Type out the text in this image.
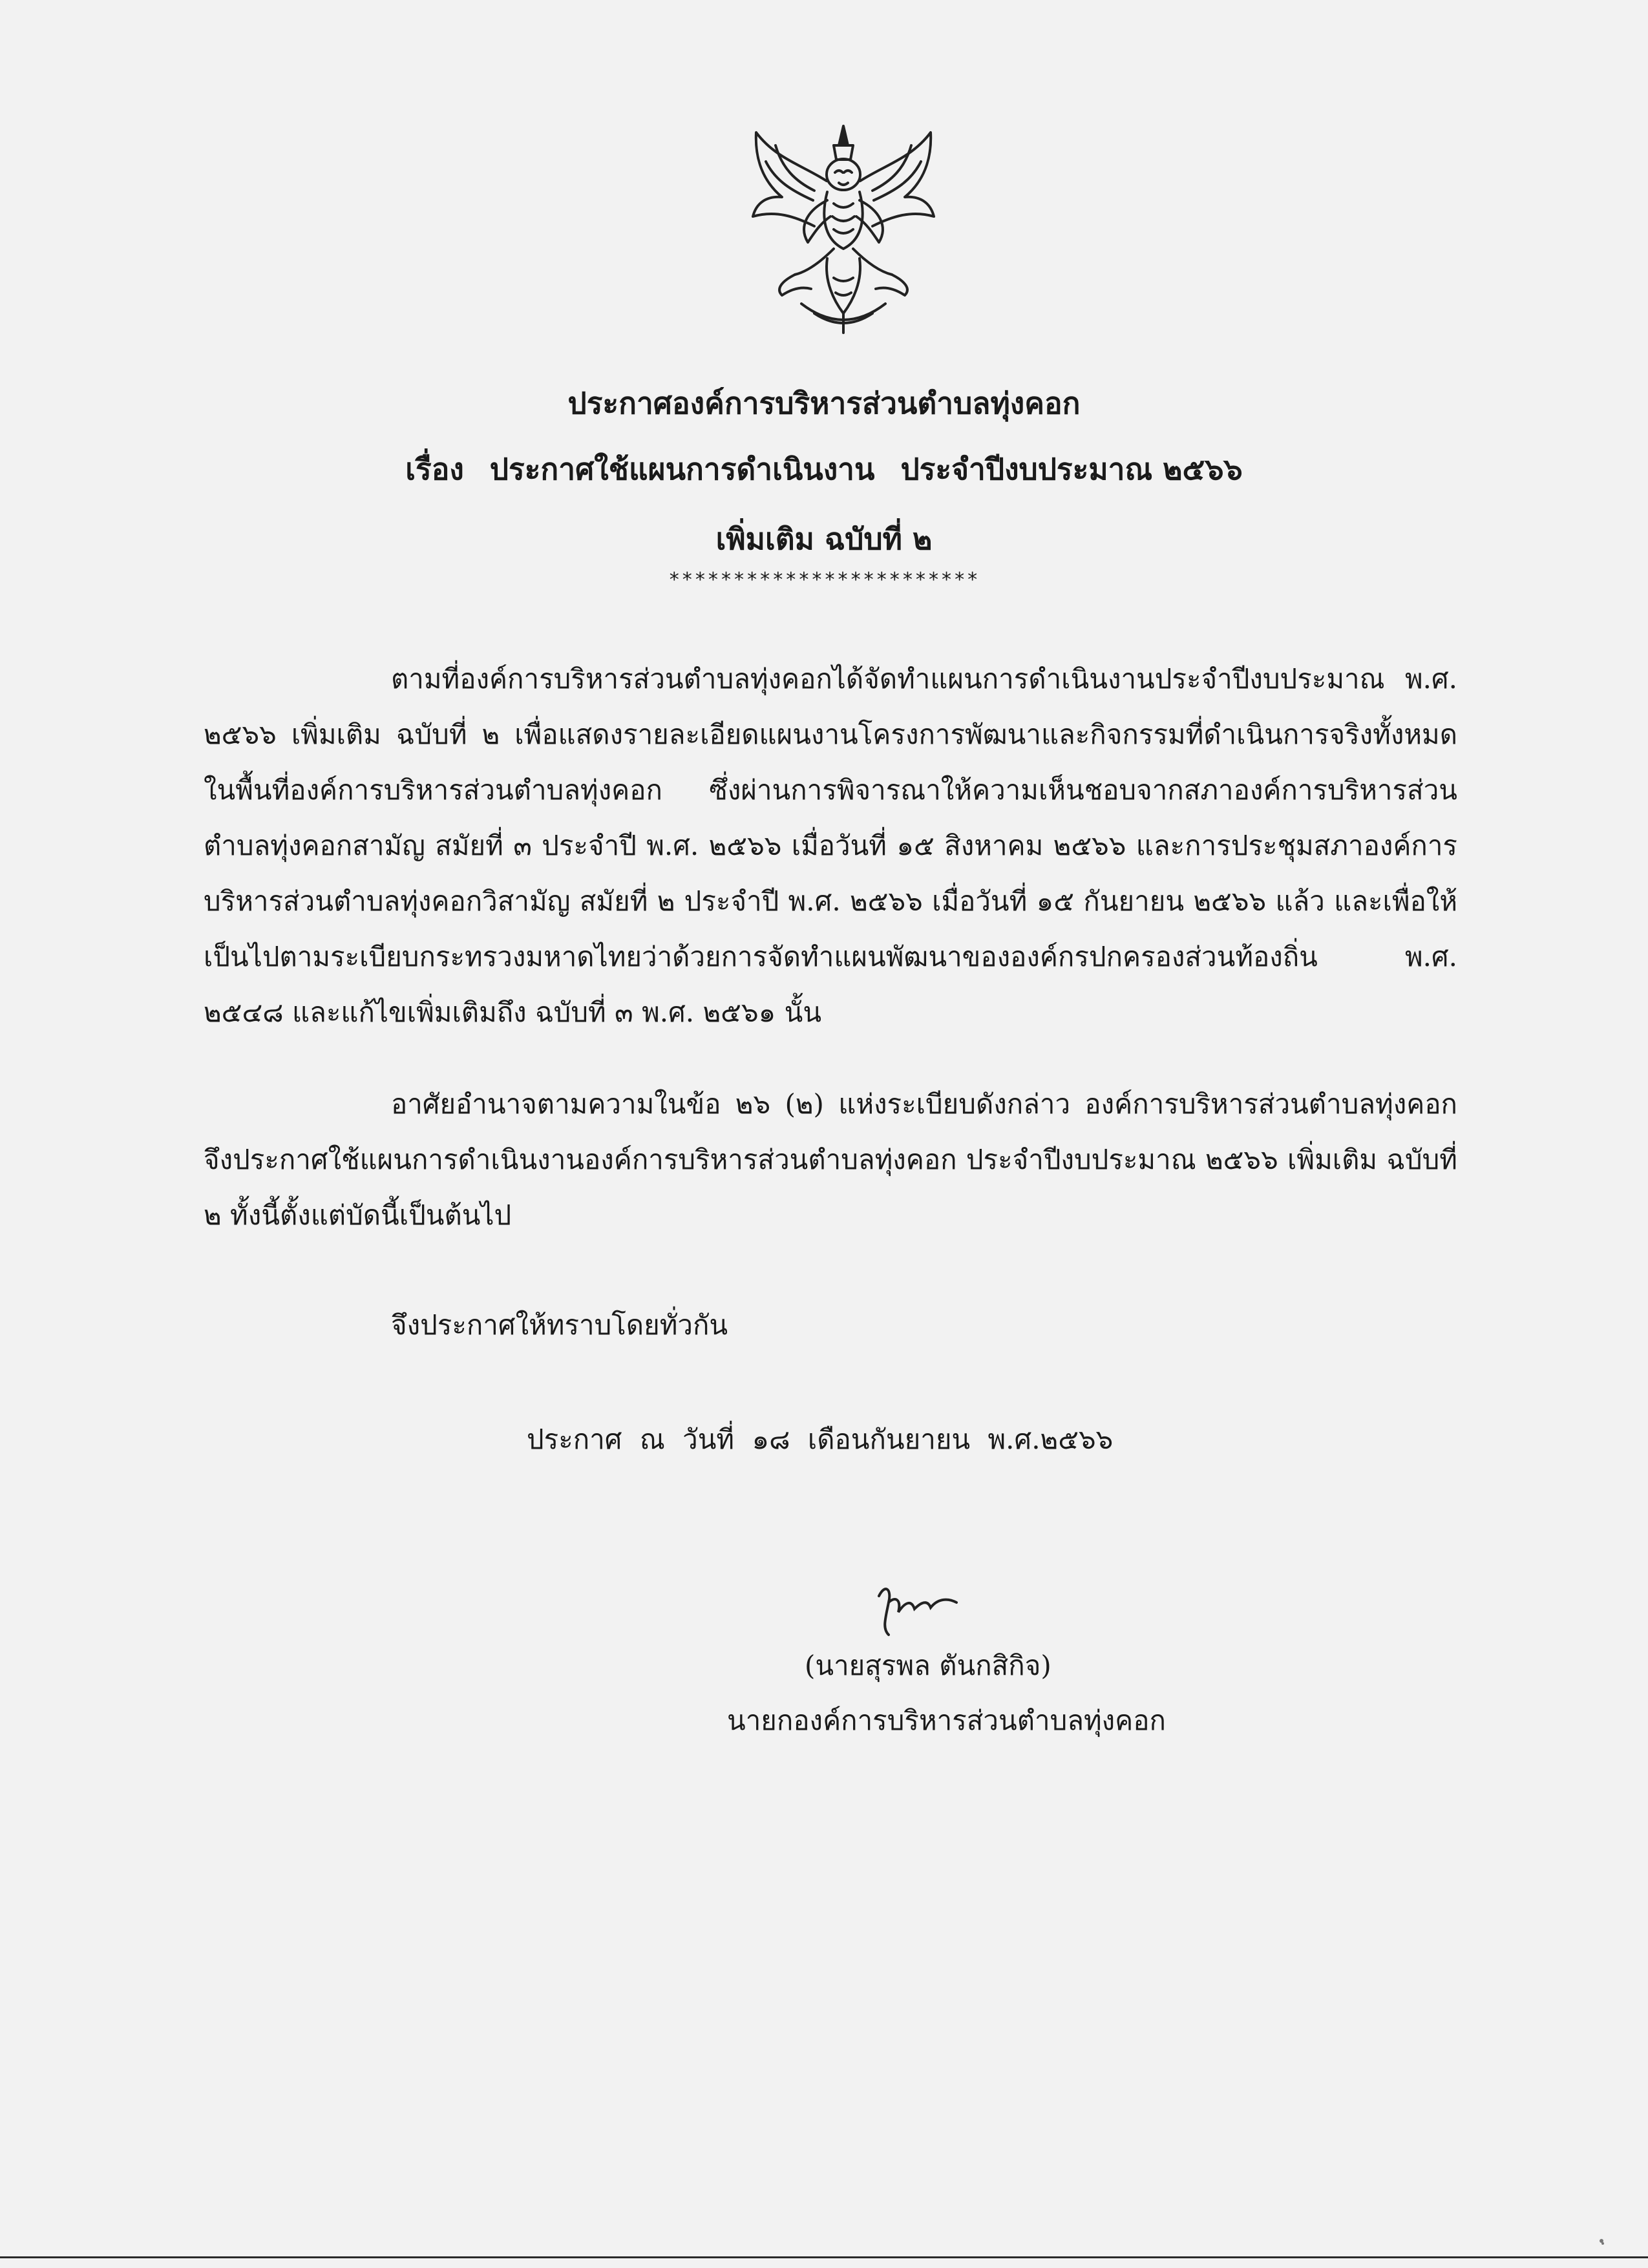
ประกาศองค์การบริหารส่วนตำบลทุ่งคอก
เรื่อง ประกาศใช้แผนการดำเนินงาน ประจำปีงบประมาณ ๒๕๖๖
เพิ่มเติม ฉบับที่ ๒
************************
ตามที่องค์การบริหารส่วนตำบลทุ่งคอกได้จัดทำแผนการดำเนินงานประจำปีงบประมาณ พ.ศ. ๒๕๖๖ เพิ่มเติม ฉบับที่ ๒ เพื่อแสดงรายละเอียดแผนงานโครงการพัฒนาและกิจกรรมที่ดำเนินการจริงทั้งหมดในพื้นที่องค์การบริหารส่วนตำบลทุ่งคอก ซึ่งผ่านการพิจารณาให้ความเห็นชอบจากสภาองค์การบริหารส่วนตำบลทุ่งคอกสามัญ สมัยที่ ๓ ประจำปี พ.ศ. ๒๕๖๖ เมื่อวันที่ ๑๕ สิงหาคม ๒๕๖๖ และการประชุมสภาองค์การบริหารส่วนตำบลทุ่งคอกวิสามัญ สมัยที่ ๒ ประจำปี พ.ศ. ๒๕๖๖ เมื่อวันที่ ๑๕ กันยายน ๒๕๖๖ แล้ว และเพื่อให้เป็นไปตามระเบียบกระทรวงมหาดไทยว่าด้วยการจัดทำแผนพัฒนาขององค์กรปกครองส่วนท้องถิ่น พ.ศ. ๒๕๔๘ และแก้ไขเพิ่มเติมถึง ฉบับที่ ๓ พ.ศ. ๒๕๖๑ นั้น
อาศัยอำนาจตามความในข้อ ๒๖ (๒) แห่งระเบียบดังกล่าว องค์การบริหารส่วนตำบลทุ่งคอกจึงประกาศใช้แผนการดำเนินงานองค์การบริหารส่วนตำบลทุ่งคอก ประจำปีงบประมาณ ๒๕๖๖ เพิ่มเติม ฉบับที่ ๒ ทั้งนี้ตั้งแต่บัดนี้เป็นต้นไป
จึงประกาศให้ทราบโดยทั่วกัน
ประกาศ ณ วันที่ ๑๘ เดือนกันยายน พ.ศ.๒๕๖๖
(นายสุรพล ตันกสิกิจ)
นายกองค์การบริหารส่วนตำบลทุ่งคอก
